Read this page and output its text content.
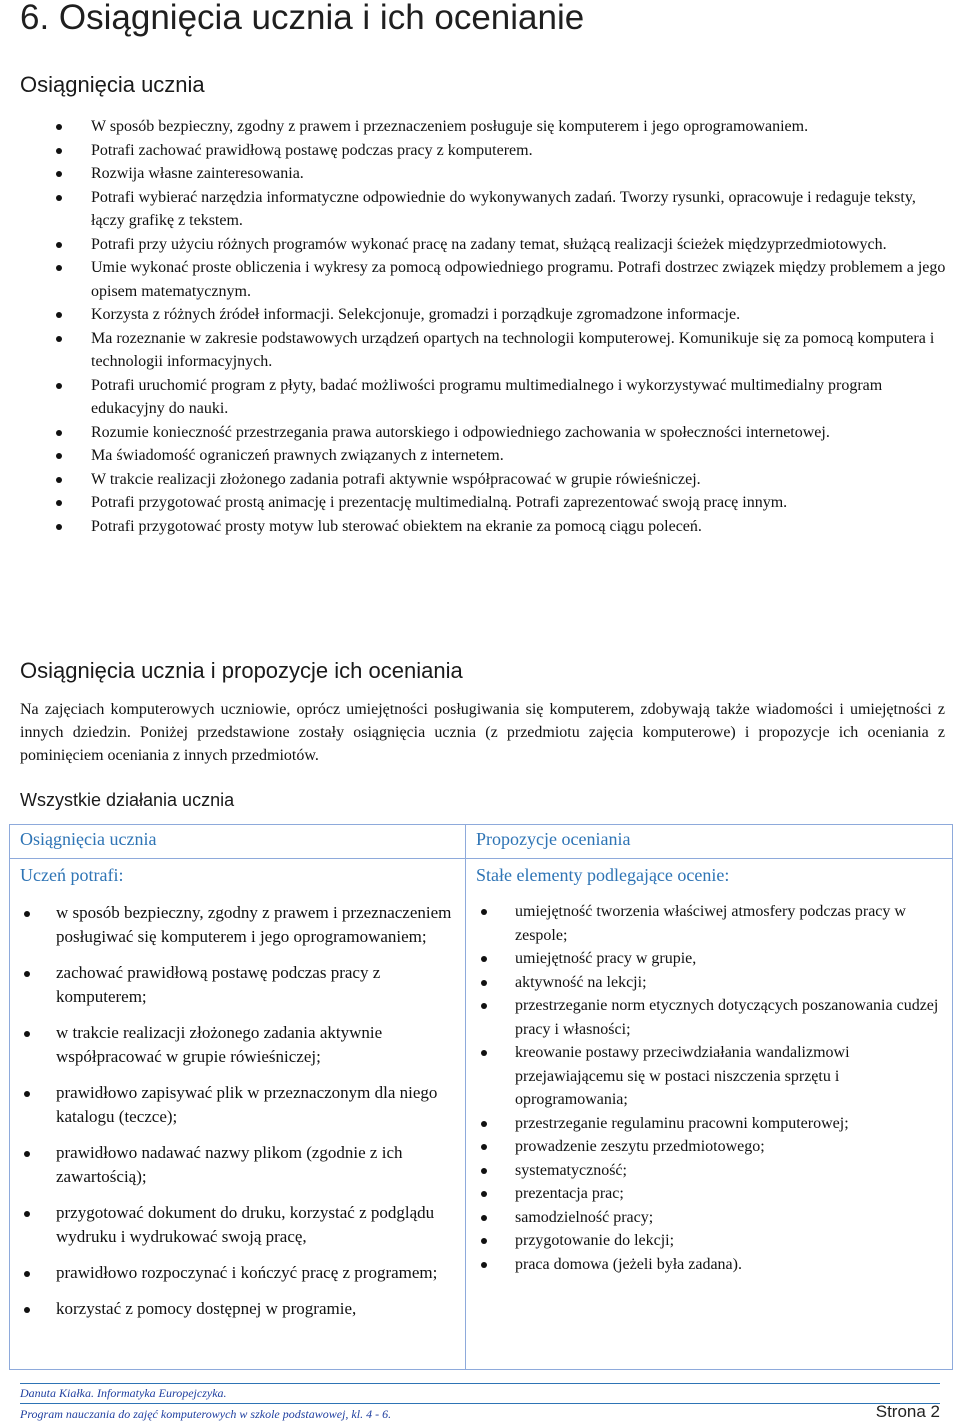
6. Osiągnięcia ucznia i ich ocenianie
Osiągnięcia ucznia
W sposób bezpieczny, zgodny z prawem i przeznaczeniem posługuje się komputerem i jego oprogramowaniem.
Potrafi zachować prawidłową postawę podczas pracy z komputerem.
Rozwija własne zainteresowania.
Potrafi wybierać narzędzia informatyczne odpowiednie do wykonywanych zadań. Tworzy rysunki, opracowuje i redaguje teksty, łączy grafikę z tekstem.
Potrafi przy użyciu różnych programów wykonać pracę na zadany temat, służącą realizacji ścieżek międzyprzedmiotowych.
Umie wykonać proste obliczenia i wykresy za pomocą odpowiedniego programu. Potrafi dostrzec związek między problemem a jego opisem matematycznym.
Korzysta z różnych źródeł informacji. Selekcjonuje, gromadzi i porządkuje zgromadzone informacje.
Ma rozeznanie w zakresie podstawowych urządzeń opartych na technologii komputerowej. Komunikuje się za pomocą komputera i technologii informacyjnych.
Potrafi uruchomić program z płyty, badać możliwości programu multimedialnego i wykorzystywać multimedialny program edukacyjny do nauki.
Rozumie konieczność przestrzegania prawa autorskiego i odpowiedniego zachowania w społeczności internetowej.
Ma świadomość ograniczeń prawnych związanych z internetem.
W trakcie realizacji złożonego zadania potrafi aktywnie współpracować w grupie rówieśniczej.
Potrafi przygotować prostą animację i prezentację multimedialną. Potrafi zaprezentować swoją pracę innym.
Potrafi przygotować prosty motyw lub sterować obiektem na ekranie za pomocą ciągu poleceń.
Osiągnięcia ucznia i propozycje ich oceniania

Na zajęciach komputerowych uczniowie, oprócz umiejętności posługiwania się komputerem, zdobywają także wiadomości i umiejętności z innych dziedzin. Poniżej przedstawione zostały osiągnięcia ucznia (z przedmiotu zajęcia komputerowe) i propozycje ich oceniania z pominięciem oceniania z innych przedmiotów.

Wszystkie działania ucznia
Osiągnięcia ucznia
Uczeń potrafi:
w sposób bezpieczny, zgodny z prawem i przeznaczeniem posługiwać się komputerem i jego oprogramowaniem;
zachować prawidłową postawę podczas pracy z komputerem;
w trakcie realizacji złożonego zadania aktywnie współpracować w grupie rówieśniczej;
prawidłowo zapisywać plik w przeznaczonym dla niego katalogu (teczce);
prawidłowo nadawać nazwy plikom (zgodnie z ich zawartością);
przygotować dokument do druku, korzystać z podglądu wydruku i wydrukować swoją pracę,
prawidłowo rozpoczynać i kończyć pracę z programem;
korzystać z pomocy dostępnej w programie,
Propozycje oceniania
Stałe elementy podlegające ocenie:
umiejętność tworzenia właściwej atmosfery podczas pracy w zespole;
umiejętność pracy w grupie,
aktywność na lekcji;
przestrzeganie norm etycznych dotyczących poszanowania cudzej pracy i własności;
kreowanie postawy przeciwdziałania wandalizmowi przejawiającemu się w postaci niszczenia sprzętu i oprogramowania;
przestrzeganie regulaminu pracowni komputerowej;
prowadzenie zeszytu przedmiotowego;
systematyczność;
prezentacja prac;
samodzielność pracy;
przygotowanie do lekcji;
praca domowa (jeżeli była zadana).
Danuta Kiałka. Informatyka Europejczyka.
Program nauczania do zajęć komputerowych w szkole podstawowej, kl. 4 - 6.	Strona 2
